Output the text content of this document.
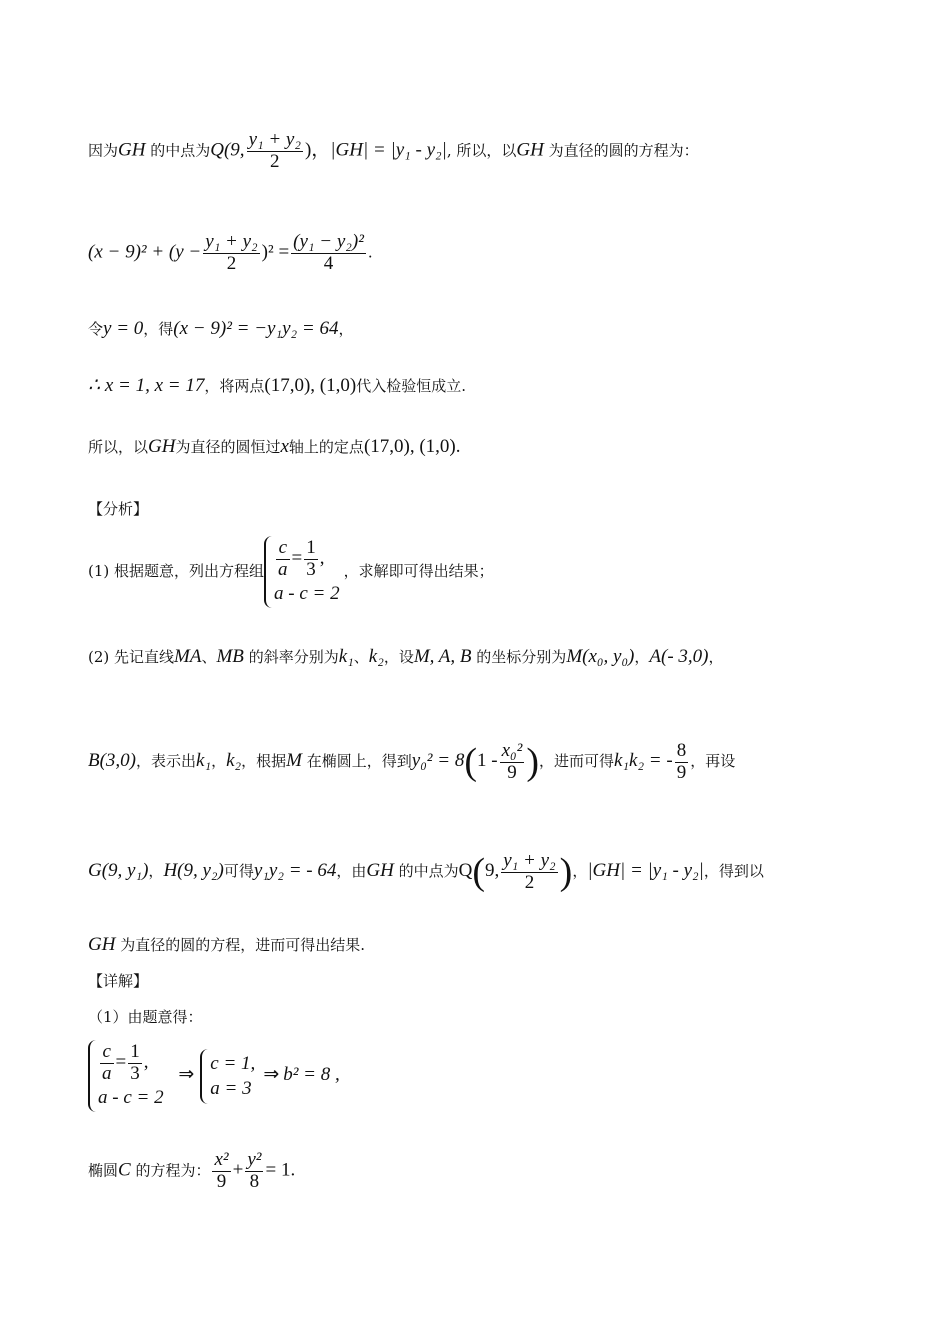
因为GH 的中点为Q(9, $\frac{\text{y₁ + y₂}}{2}$ )，|GH| = |y₁ - y₂|, 所以，以GH 为直径的圆的方程为：
$(x - 9)^2 + (y - \frac{\text{y₁ + y₂}}{2} )^2 = \frac{\text{(y₁ − y₂)²}}{4}$ .
令y = 0，得(x − 9)² = −y₁y₂ = 64，
∴ x = 1, x = 17，将两点(17,0), (1,0)代入检验恒成立.
所以，以GH为直径的圆恒过x轴上的定点(17,0), (1,0).
【分析】
(1) 根据题意，列出方程组 $\frac{c}{a} = \frac{1}{3}$ ,
a - c = 2
，求解即可得出结果；
(2) 先记直线MA、MB 的斜率分别为k₁、k₂，设M, A, B 的坐标分别为M(x₀, y₀)，A(- 3,0)，
B(3,0)，表示出k₁，k₂，根据M 在椭圆上，得到$y_0^2 = 8(1 - \frac{\text{x₀²}}{9}$ )，进而可得k₁k₂ = - $\frac{8}{9}$ ，再设
G(9, y₁)，H(9, y₂)可得y₁y₂ = - 64，由GH 的中点为Q(9, $\frac{\text{y₁ + y₂}}{2}$ )，|GH| = |y₁ - y₂|，得到以
GH 为直径的圆的方程，进而可得出结果.
【详解】
（1）由题意得：
$\frac{c}{a} = \frac{1}{3}$ ,
a - c = 2
⇒
c = 1,
a = 3
⇒ b² = 8 ,
椭圆C 的方程为： $\frac{\text{x²}}{9} + \frac{\text{y²}}{8} = 1$.
